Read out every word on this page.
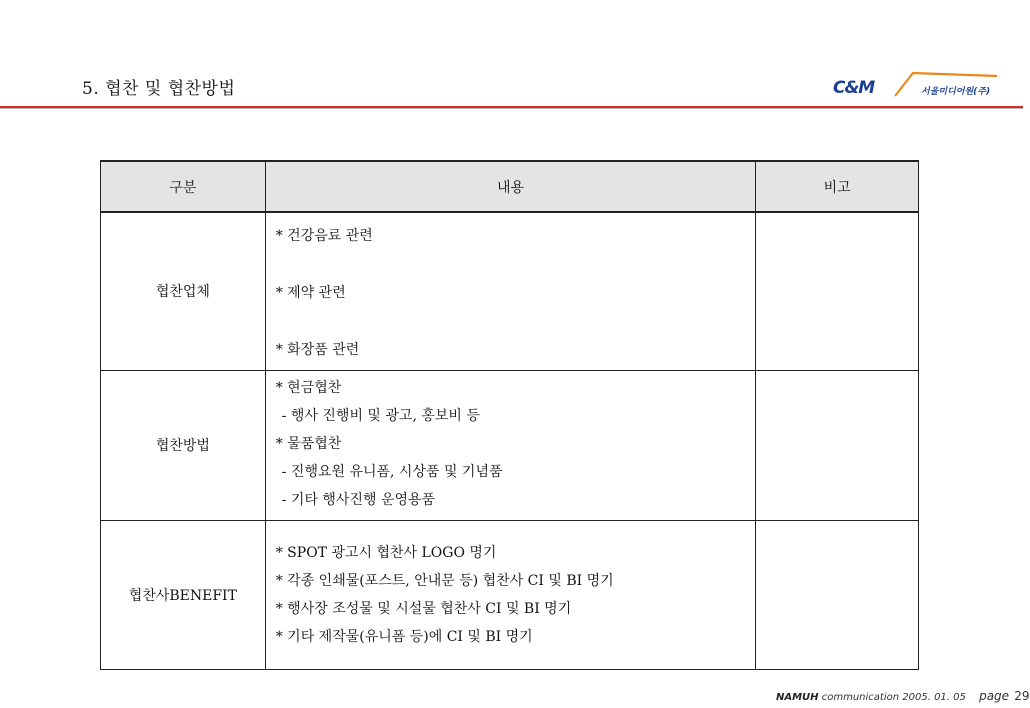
5. 협찬 및 협찬방법	C&M	서울미디어원(주)
구분	내용	비고
협찬업체	* 건강음료 관련
* 제약 관련
* 화장품 관련	

협찬방법	* 현금협찬
- 행사 진행비 및 광고, 홍보비 등
* 물품협찬
- 진행요원 유니폼, 시상품 및 기념품
- 기타 행사진행 운영용품	

협찬사BENEFIT	* SPOT 광고시 협찬사 LOGO 명기
* 각종 인쇄물(포스트, 안내문 등) 협찬사 CI 및 BI 명기
* 행사장 조성물 및 시설물 협찬사 CI 및 BI 명기
* 기타 제작물(유니폼 등)에 CI 및 BI 명기	

NAMUH communication 2005. 01. 05 page 29
